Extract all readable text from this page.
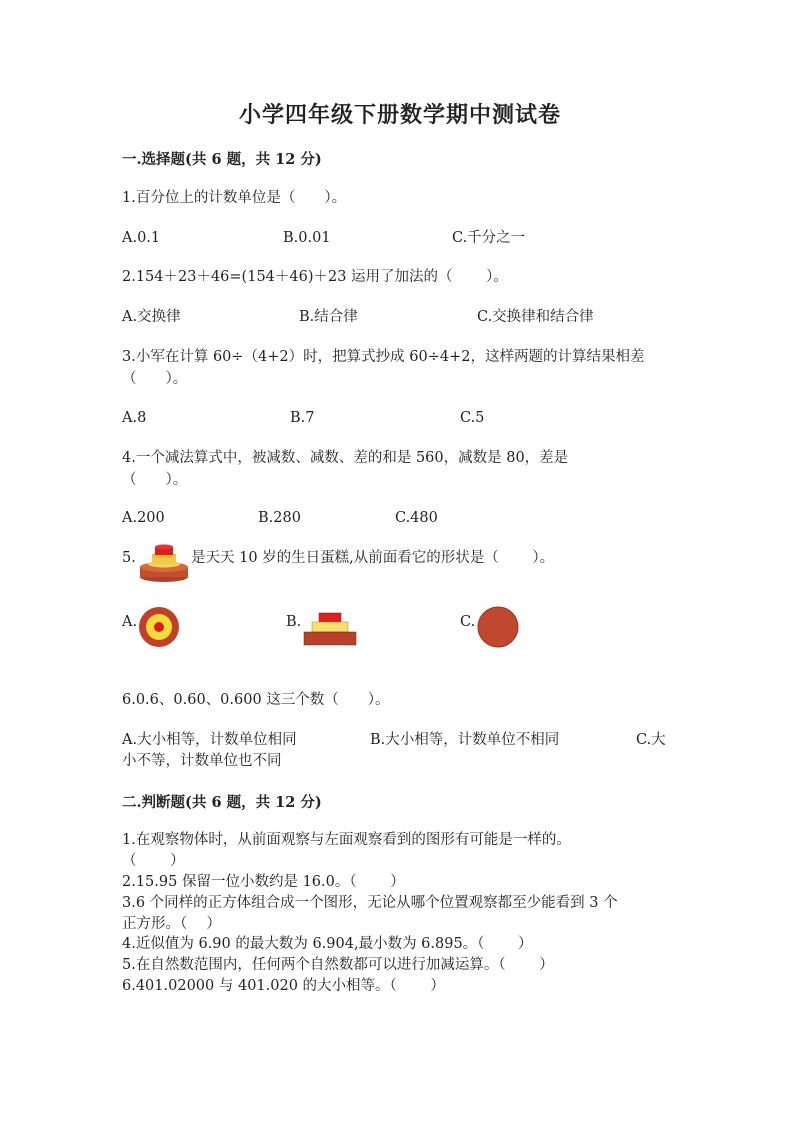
小学四年级下册数学期中测试卷
一.选择题(共 6 题，共 12 分)
1.百分位上的计数单位是（　　）。
A.0.1	B.0.01	C.千分之一
2.154＋23＋46=(154＋46)＋23 运用了加法的（　　 ）。
A.交换律	B.结合律	C.交换律和结合律
3.小军在计算 60÷（4+2）时，把算式抄成 60÷4+2，这样两题的计算结果相差
（　　）。
A.8	B.7	C.5
4.一个减法算式中，被减数、减数、差的和是 560，减数是 80，差是
（　　）。
A.200	B.280	C.480
5.	是天天 10 岁的生日蛋糕,从前面看它的形状是（　　 ）。
A.	B.	C.
6.0.6、0.60、0.600 这三个数（　　）。
A.大小相等，计数单位相同	B.大小相等，计数单位不相同	C.大
小不等，计数单位也不同
二.判断题(共 6 题，共 12 分)
1.在观察物体时，从前面观察与左面观察看到的图形有可能是一样的。
（　　 ）
2.15.95 保留一位小数约是 16.0。（　　 ）
3.6 个同样的正方体组合成一个图形，无论从哪个位置观察都至少能看到 3 个
正方形。（　 ）
4.近似值为 6.90 的最大数为 6.904,最小数为 6.895。（　　 ）
5.在自然数范围内，任何两个自然数都可以进行加减运算。（　　 ）
6.401.02000 与 401.020 的大小相等。（　　 ）
